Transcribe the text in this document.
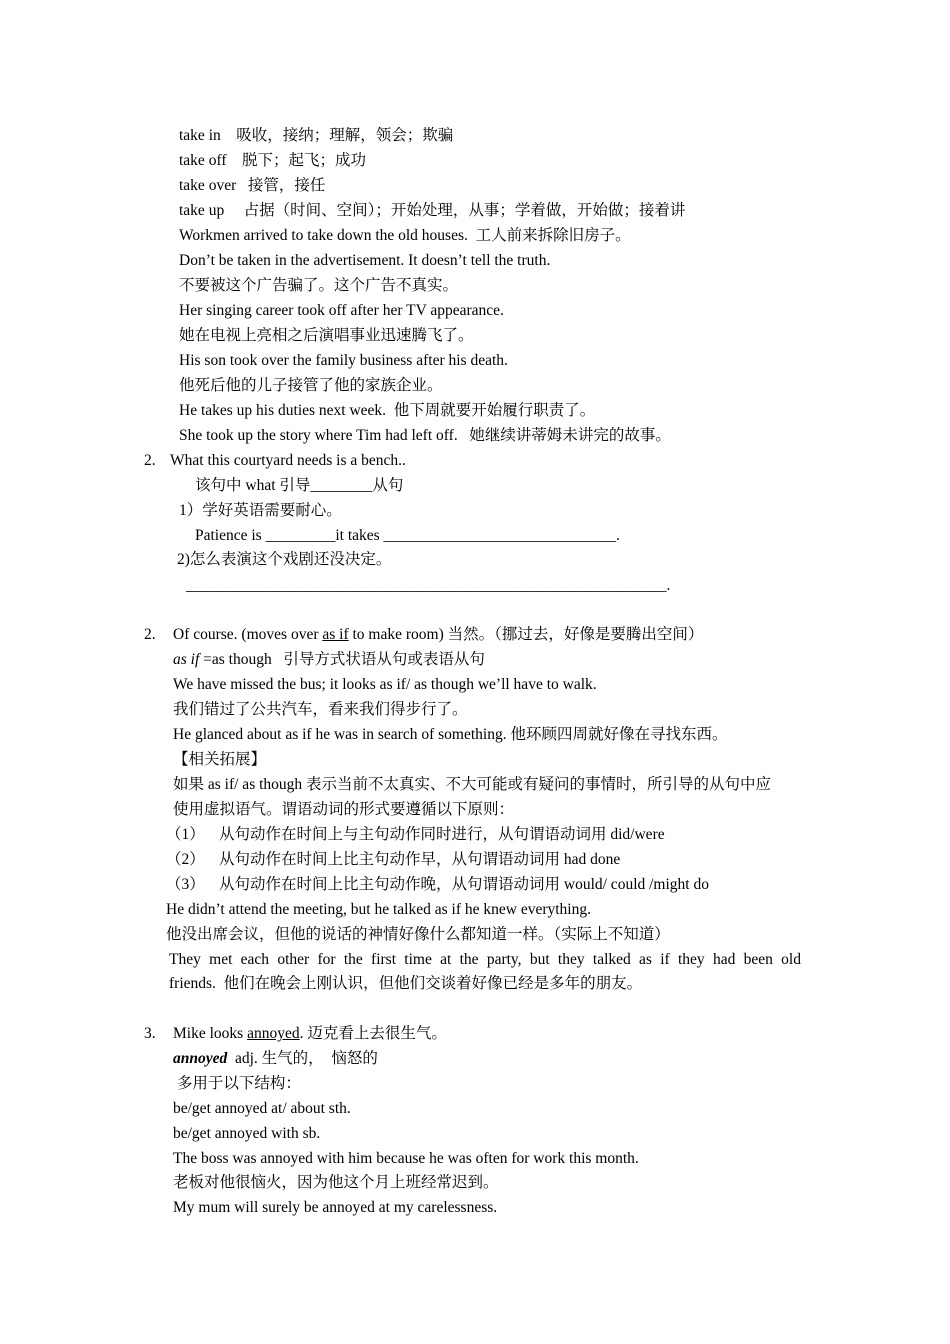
take in 吸收，接纳；理解，领会；欺骗
take off 脱下；起飞；成功
take over 接管，接任
take up 占据（时间、空间）；开始处理，从事；学着做，开始做；接着讲
Workmen arrived to take down the old houses.  工人前来拆除旧房子。
Don’t be taken in the advertisement. It doesn’t tell the truth.
不要被这个广告骗了。这个广告不真实。
Her singing career took off after her TV appearance.
她在电视上亮相之后演唱事业迅速腾飞了。
His son took over the family business after his death.
他死后他的儿子接管了他的家族企业。
He takes up his duties next week.  他下周就要开始履行职责了。
She took up the story where Tim had left off.   她继续讲蒂姆未讲完的故事。
2. What this courtyard needs is a bench..
该句中 what 引导________从句
1）学好英语需要耐心。
Patience is _________it takes ______________________________.
2)怎么表演这个戏剧还没决定。
______________________________________________________________.
2. Of course. (moves over as if to make room) 当然。（挪过去，好像是要腾出空间）
as if =as though   引导方式状语从句或表语从句
We have missed the bus; it looks as if/ as though we’ll have to walk.
我们错过了公共汽车，看来我们得步行了。
He glanced about as if he was in search of something. 他环顾四周就好像在寻找东西。
【相关拓展】
如果 as if/ as though 表示当前不太真实、不大可能或有疑问的事情时，所引导的从句中应
使用虚拟语气。谓语动词的形式要遵循以下原则：
（1） 从句动作在时间上与主句动作同时进行，从句谓语动词用 did/were
（2） 从句动作在时间上比主句动作早，从句谓语动词用 had done
（3） 从句动作在时间上比主句动作晚，从句谓语动词用 would/ could /might do
He didn’t attend the meeting, but he talked as if he knew everything.
他没出席会议，但他的说话的神情好像什么都知道一样。（实际上不知道）
They met each other for the first time at the party, but they talked as if they had been old
friends.  他们在晚会上刚认识，但他们交谈着好像已经是多年的朋友。
3. Mike looks annoyed. 迈克看上去很生气。
annoyed  adj. 生气的，  恼怒的
多用于以下结构：
be/get annoyed at/ about sth.
be/get annoyed with sb.
The boss was annoyed with him because he was often for work this month.
老板对他很恼火，因为他这个月上班经常迟到。
My mum will surely be annoyed at my carelessness.
